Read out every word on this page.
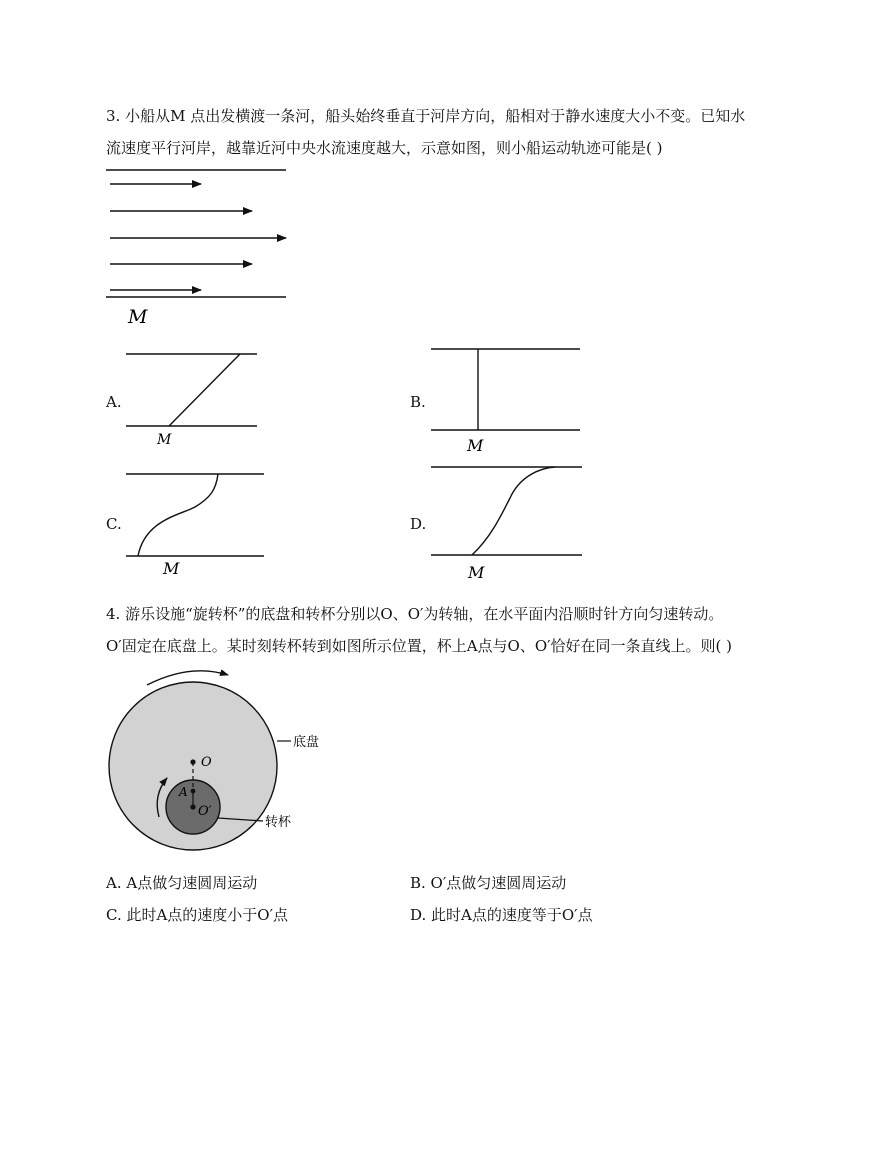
3. 小船从M 点出发横渡一条河，船头始终垂直于河岸方向，船相对于静水速度大小不变。已知水
流速度平行河岸，越靠近河中央水流速度越大，示意如图，则小船运动轨迹可能是( )
M
A.
M
B.
M
C.
M
D.
M
4. 游乐设施“旋转杯”的底盘和转杯分别以O、O′为转轴，在水平面内沿顺时针方向匀速转动。
O′固定在底盘上。某时刻转杯转到如图所示位置，杯上A点与O、O′恰好在同一条直线上。则( )
O
A
O′
底盘
转杯
A. A点做匀速圆周运动	B. O′点做匀速圆周运动
C. 此时A点的速度小于O′点	D. 此时A点的速度等于O′点
